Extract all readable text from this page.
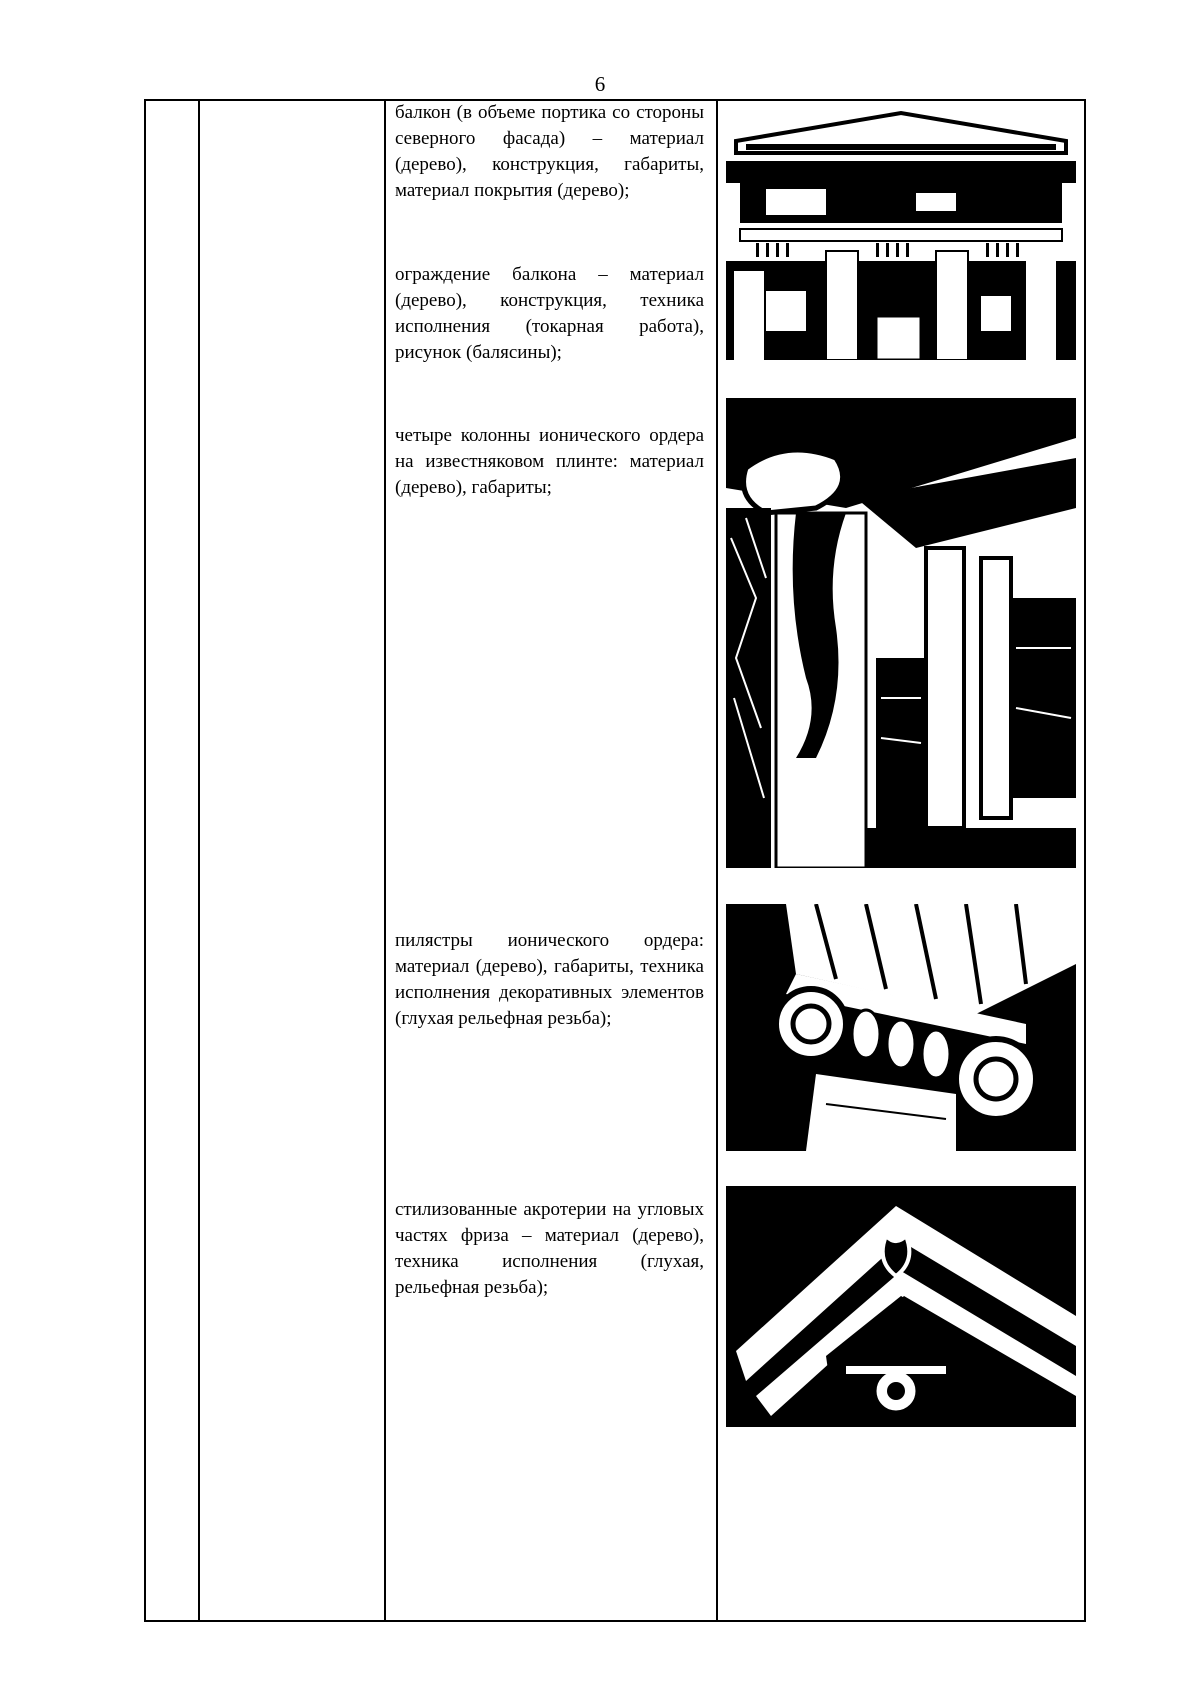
6
балкон (в объеме портика со стороны северного фасада) – материал (дерево), конструкция, габариты, материал покрытия (дерево);
ограждение балкона – материал (дерево), конструкция, техника исполнения (токарная работа), рисунок (балясины);
четыре колонны ионического ордера на известняковом плинте: материал (дерево), габариты;
пилястры ионического ордера: материал (дерево), габариты, техника исполнения декоративных элементов (глухая рельефная резьба);
стилизованные акротерии на угловых частях фриза – материал (дерево), техника исполнения (глухая, рельефная резьба);
